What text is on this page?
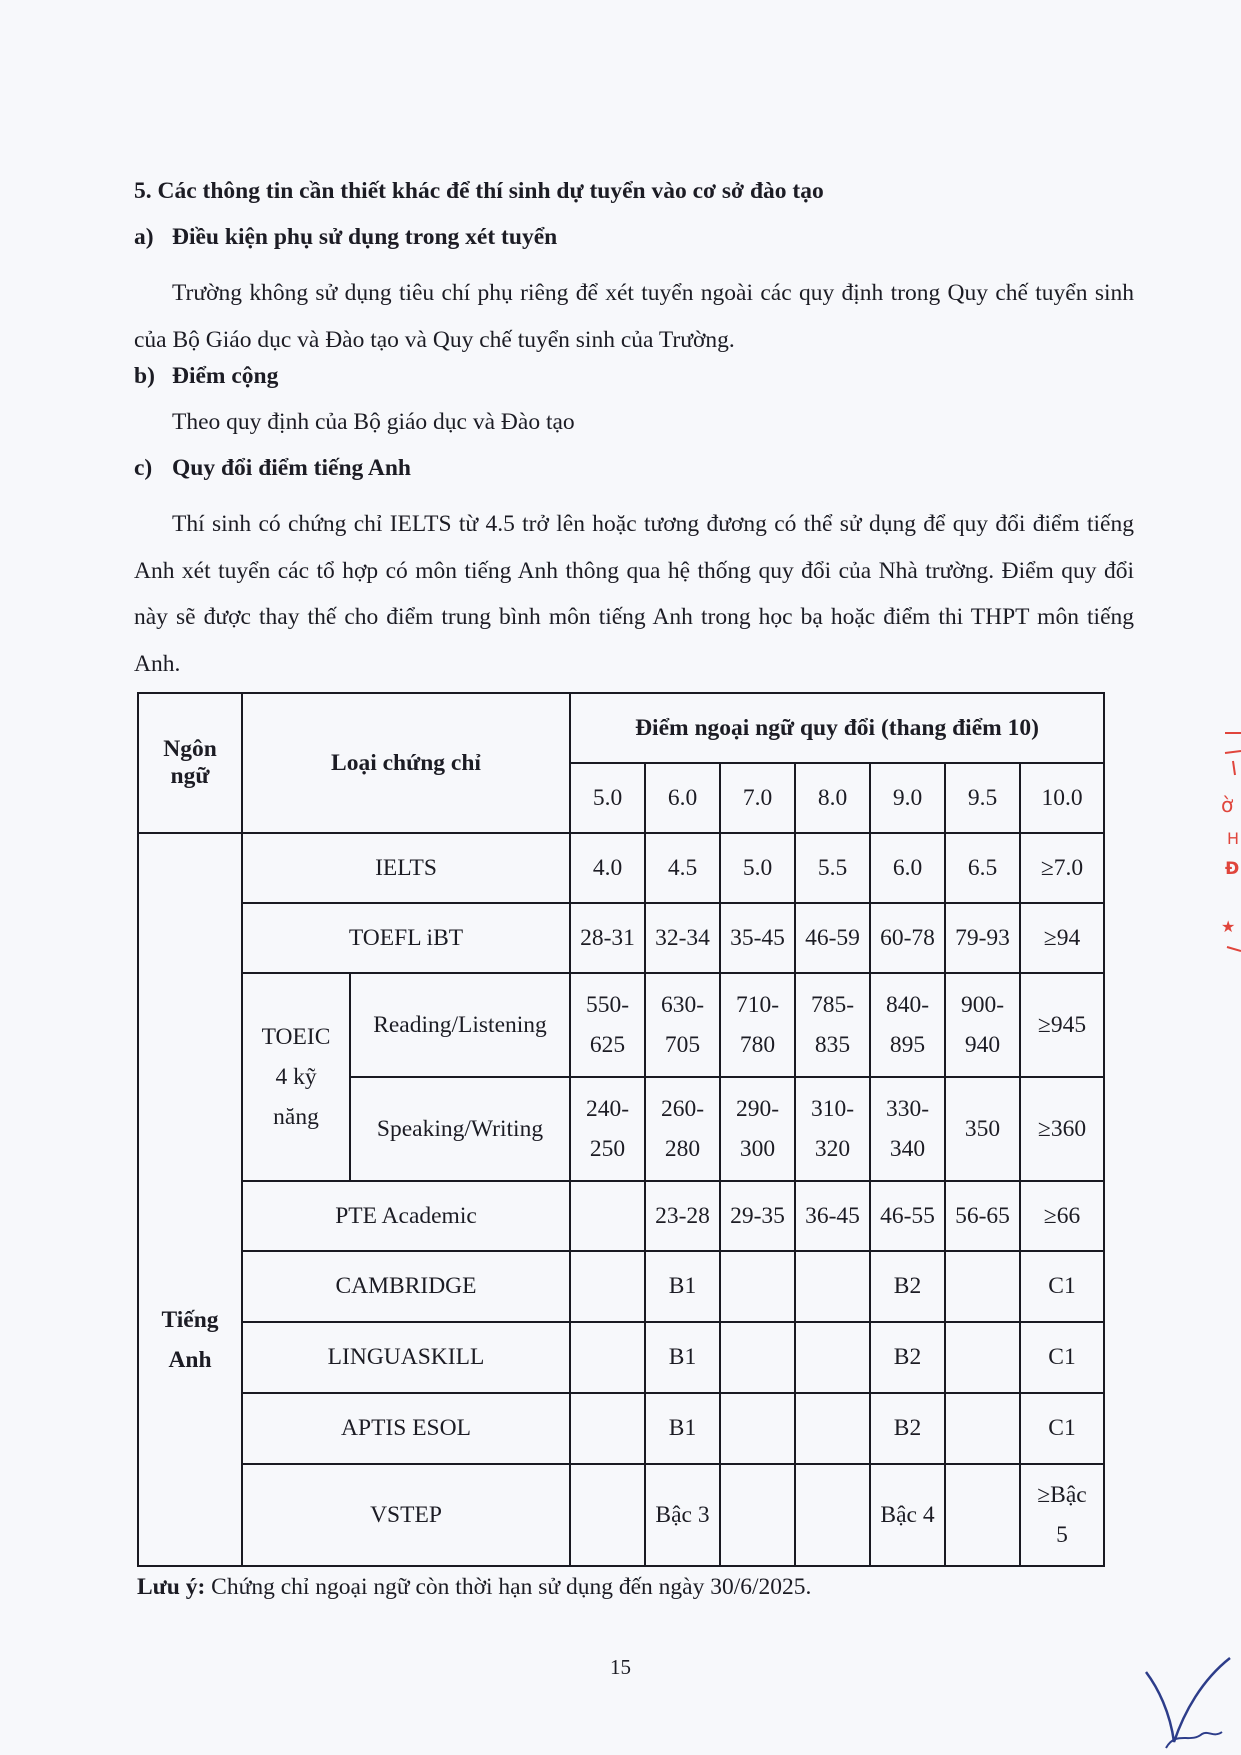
5. Các thông tin cần thiết khác để thí sinh dự tuyển vào cơ sở đào tạo
a) Điều kiện phụ sử dụng trong xét tuyển

Trường không sử dụng tiêu chí phụ riêng để xét tuyển ngoài các quy định trong Quy chế tuyển sinh của Bộ Giáo dục và Đào tạo và Quy chế tuyển sinh của Trường.

b) Điểm cộng
Theo quy định của Bộ giáo dục và Đào tạo
c) Quy đổi điểm tiếng Anh

Thí sinh có chứng chỉ IELTS từ 4.5 trở lên hoặc tương đương có thể sử dụng để quy đổi điểm tiếng Anh xét tuyển các tổ hợp có môn tiếng Anh thông qua hệ thống quy đổi của Nhà trường. Điểm quy đổi này sẽ được thay thế cho điểm trung bình môn tiếng Anh trong học bạ hoặc điểm thi THPT môn tiếng Anh.

Ngôn ngữ	Loại chứng chỉ		Điểm ngoại ngữ quy đổi (thang điểm 10)						
			5.0	6.0	7.0	8.0	9.0	9.5	10.0
Tiếng Anh	IELTS		4.0	4.5	5.0	5.5	6.0	6.5	≥7.0
	TOEFL iBT		28-31	32-34	35-45	46-59	60-78	79-93	≥94
	TOEIC 4 kỹ năng	Reading/Listening	550-625	630-705	710-780	785-835	840-895	900-940	≥945
		Speaking/Writing	240-250	260-280	290-300	310-320	330-340	350	≥360
	PTE Academic			23-28	29-35	36-45	46-55	56-65	≥66
	CAMBRIDGE			B1			B2		C1
	LINGUASKILL			B1			B2		C1
	APTIS ESOL			B1			B2		C1
	VSTEP			Bậc 3			Bậc 4		≥Bậc 5
Lưu ý: Chứng chỉ ngoại ngữ còn thời hạn sử dụng đến ngày 30/6/2025.
15
ờ
H
Đ
★
